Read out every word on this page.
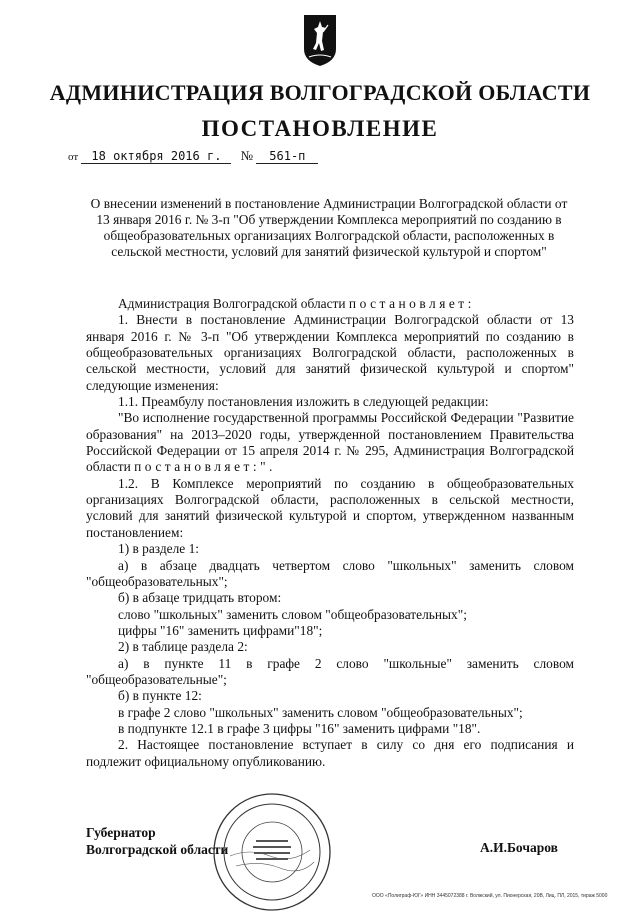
АДМИНИСТРАЦИЯ ВОЛГОГРАДСКОЙ ОБЛАСТИ
ПОСТАНОВЛЕНИЕ
от 18 октября 2016 г. № 561-п
О внесении изменений в постановление Администрации Волгоградской области от 13 января 2016 г. № 3-п "Об утверждении Комплекса мероприятий по созданию в общеобразовательных организациях Волгоградской области, расположенных в сельской местности, условий для занятий физической культурой и спортом"

Администрация Волгоградской области постановляет:

1. Внести в постановление Администрации Волгоградской области от 13 января 2016 г. № 3-п "Об утверждении Комплекса мероприятий по созданию в общеобразовательных организациях Волгоградской области, расположенных в сельской местности, условий для занятий физической культурой и спортом" следующие изменения:

1.1. Преамбулу постановления изложить в следующей редакции:

"Во исполнение государственной программы Российской Федерации "Развитие образования" на 2013–2020 годы, утвержденной постановлением Правительства Российской Федерации от 15 апреля 2014 г. № 295, Администрация Волгоградской области постановляет:".

1.2. В Комплексе мероприятий по созданию в общеобразовательных организациях Волгоградской области, расположенных в сельской местности, условий для занятий физической культурой и спортом, утвержденном названным постановлением:

1) в разделе 1:

а) в абзаце двадцать четвертом слово "школьных" заменить словом "общеобразовательных";

б) в абзаце тридцать втором:

слово "школьных" заменить словом "общеобразовательных";

цифры "16" заменить цифрами"18";

2) в таблице раздела 2:

а) в пункте 11 в графе 2 слово "школьные" заменить словом "общеобразовательные";

б) в пункте 12:

в графе 2 слово "школьных" заменить словом "общеобразовательных";

в подпункте 12.1 в графе 3 цифры "16" заменить цифрами "18".

2. Настоящее постановление вступает в силу со дня его подписания и подлежит официальному опубликованию.

Губернатор
Волгоградской области	А.И.Бочаров
ООО «Полиграф-ЮГ» ИНН 3445072388 г. Волжский, ул. Пионерская, 20В, Лиц. ПЛ, 2015, тираж 5000
